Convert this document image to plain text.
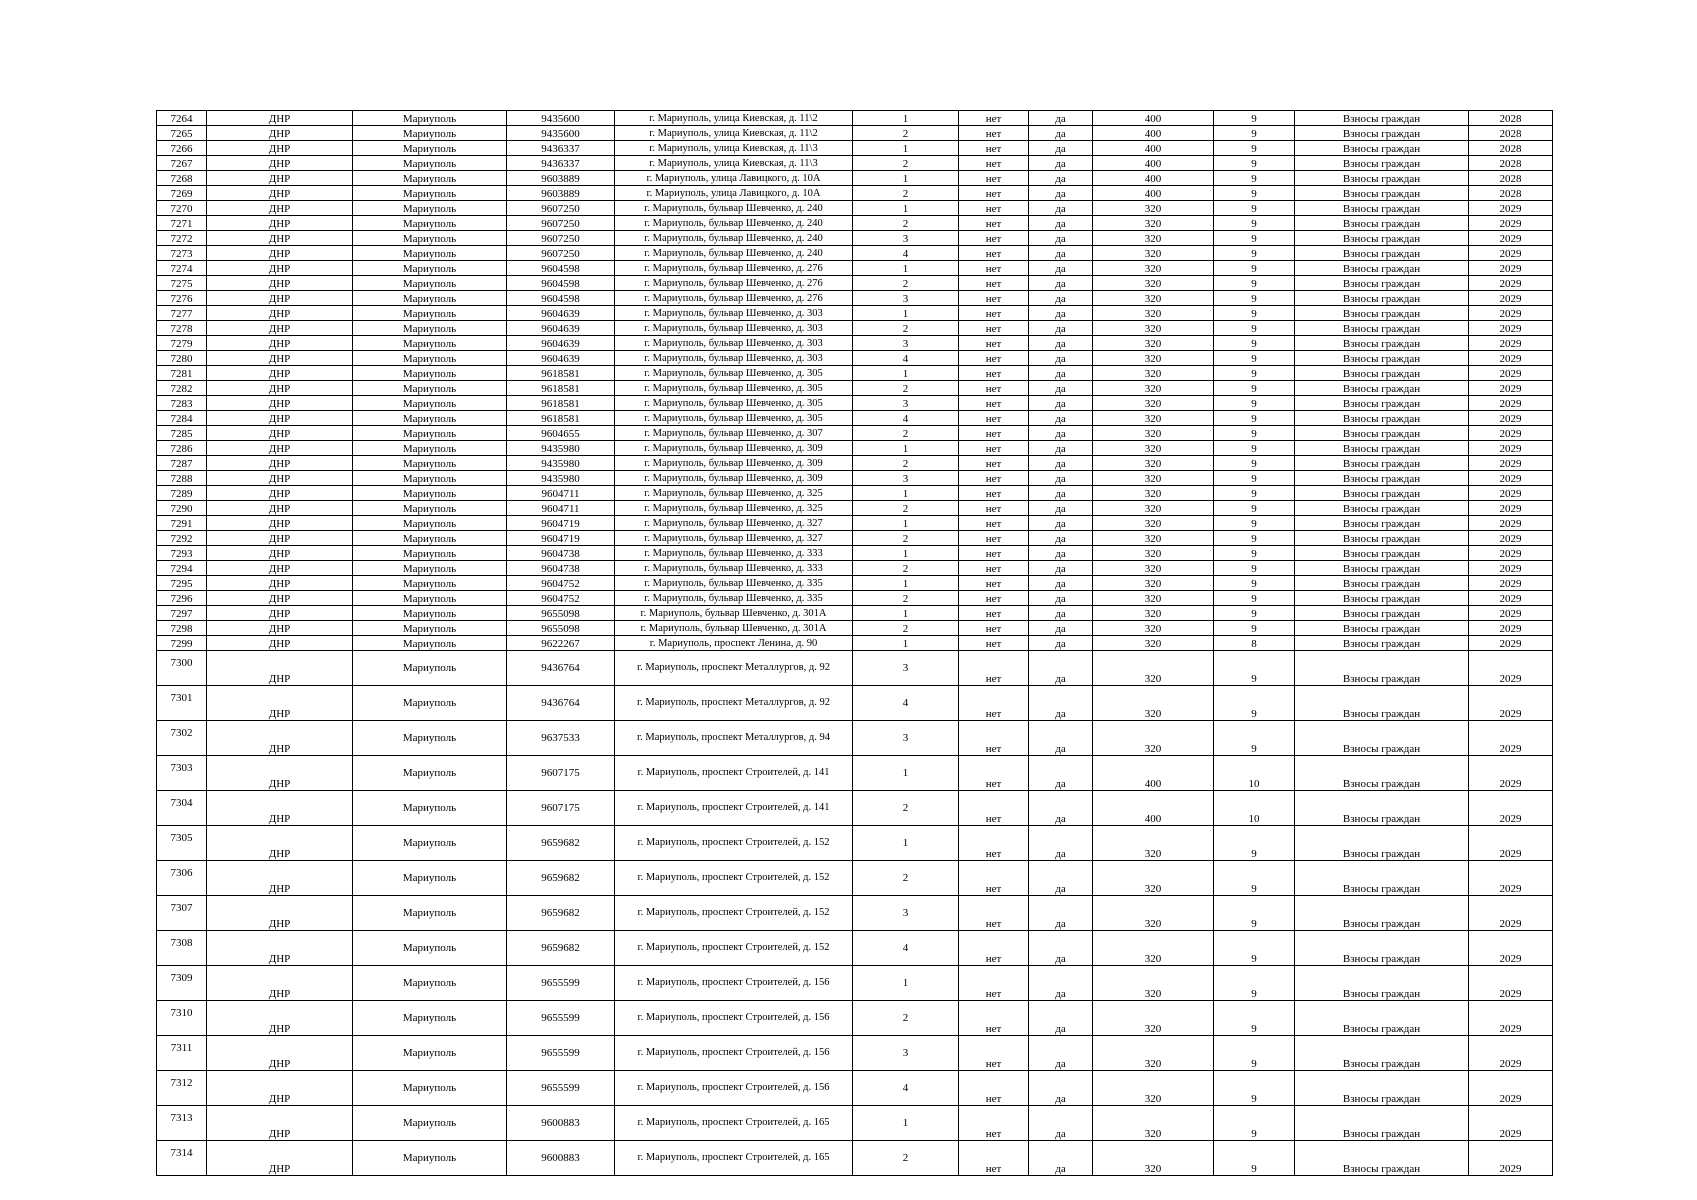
7264	ДНР	Мариуполь	9435600	г. Мариуполь, улица Киевская, д. 11\2	1	нет	да	400	9	Взносы граждан	2028
7265	ДНР	Мариуполь	9435600	г. Мариуполь, улица Киевская, д. 11\2	2	нет	да	400	9	Взносы граждан	2028
7266	ДНР	Мариуполь	9436337	г. Мариуполь, улица Киевская, д. 11\3	1	нет	да	400	9	Взносы граждан	2028
7267	ДНР	Мариуполь	9436337	г. Мариуполь, улица Киевская, д. 11\3	2	нет	да	400	9	Взносы граждан	2028
7268	ДНР	Мариуполь	9603889	г. Мариуполь, улица Лавицкого, д. 10А	1	нет	да	400	9	Взносы граждан	2028
7269	ДНР	Мариуполь	9603889	г. Мариуполь, улица Лавицкого, д. 10А	2	нет	да	400	9	Взносы граждан	2028
7270	ДНР	Мариуполь	9607250	г. Мариуполь, бульвар Шевченко, д. 240	1	нет	да	320	9	Взносы граждан	2029
7271	ДНР	Мариуполь	9607250	г. Мариуполь, бульвар Шевченко, д. 240	2	нет	да	320	9	Взносы граждан	2029
7272	ДНР	Мариуполь	9607250	г. Мариуполь, бульвар Шевченко, д. 240	3	нет	да	320	9	Взносы граждан	2029
7273	ДНР	Мариуполь	9607250	г. Мариуполь, бульвар Шевченко, д. 240	4	нет	да	320	9	Взносы граждан	2029
7274	ДНР	Мариуполь	9604598	г. Мариуполь, бульвар Шевченко, д. 276	1	нет	да	320	9	Взносы граждан	2029
7275	ДНР	Мариуполь	9604598	г. Мариуполь, бульвар Шевченко, д. 276	2	нет	да	320	9	Взносы граждан	2029
7276	ДНР	Мариуполь	9604598	г. Мариуполь, бульвар Шевченко, д. 276	3	нет	да	320	9	Взносы граждан	2029
7277	ДНР	Мариуполь	9604639	г. Мариуполь, бульвар Шевченко, д. 303	1	нет	да	320	9	Взносы граждан	2029
7278	ДНР	Мариуполь	9604639	г. Мариуполь, бульвар Шевченко, д. 303	2	нет	да	320	9	Взносы граждан	2029
7279	ДНР	Мариуполь	9604639	г. Мариуполь, бульвар Шевченко, д. 303	3	нет	да	320	9	Взносы граждан	2029
7280	ДНР	Мариуполь	9604639	г. Мариуполь, бульвар Шевченко, д. 303	4	нет	да	320	9	Взносы граждан	2029
7281	ДНР	Мариуполь	9618581	г. Мариуполь, бульвар Шевченко, д. 305	1	нет	да	320	9	Взносы граждан	2029
7282	ДНР	Мариуполь	9618581	г. Мариуполь, бульвар Шевченко, д. 305	2	нет	да	320	9	Взносы граждан	2029
7283	ДНР	Мариуполь	9618581	г. Мариуполь, бульвар Шевченко, д. 305	3	нет	да	320	9	Взносы граждан	2029
7284	ДНР	Мариуполь	9618581	г. Мариуполь, бульвар Шевченко, д. 305	4	нет	да	320	9	Взносы граждан	2029
7285	ДНР	Мариуполь	9604655	г. Мариуполь, бульвар Шевченко, д. 307	2	нет	да	320	9	Взносы граждан	2029
7286	ДНР	Мариуполь	9435980	г. Мариуполь, бульвар Шевченко, д. 309	1	нет	да	320	9	Взносы граждан	2029
7287	ДНР	Мариуполь	9435980	г. Мариуполь, бульвар Шевченко, д. 309	2	нет	да	320	9	Взносы граждан	2029
7288	ДНР	Мариуполь	9435980	г. Мариуполь, бульвар Шевченко, д. 309	3	нет	да	320	9	Взносы граждан	2029
7289	ДНР	Мариуполь	9604711	г. Мариуполь, бульвар Шевченко, д. 325	1	нет	да	320	9	Взносы граждан	2029
7290	ДНР	Мариуполь	9604711	г. Мариуполь, бульвар Шевченко, д. 325	2	нет	да	320	9	Взносы граждан	2029
7291	ДНР	Мариуполь	9604719	г. Мариуполь, бульвар Шевченко, д. 327	1	нет	да	320	9	Взносы граждан	2029
7292	ДНР	Мариуполь	9604719	г. Мариуполь, бульвар Шевченко, д. 327	2	нет	да	320	9	Взносы граждан	2029
7293	ДНР	Мариуполь	9604738	г. Мариуполь, бульвар Шевченко, д. 333	1	нет	да	320	9	Взносы граждан	2029
7294	ДНР	Мариуполь	9604738	г. Мариуполь, бульвар Шевченко, д. 333	2	нет	да	320	9	Взносы граждан	2029
7295	ДНР	Мариуполь	9604752	г. Мариуполь, бульвар Шевченко, д. 335	1	нет	да	320	9	Взносы граждан	2029
7296	ДНР	Мариуполь	9604752	г. Мариуполь, бульвар Шевченко, д. 335	2	нет	да	320	9	Взносы граждан	2029
7297	ДНР	Мариуполь	9655098	г. Мариуполь, бульвар Шевченко, д. 301А	1	нет	да	320	9	Взносы граждан	2029
7298	ДНР	Мариуполь	9655098	г. Мариуполь, бульвар Шевченко, д. 301А	2	нет	да	320	9	Взносы граждан	2029
7299	ДНР	Мариуполь	9622267	г. Мариуполь, проспект Ленина, д. 90	1	нет	да	320	8	Взносы граждан	2029
7300	ДНР	Мариуполь	9436764	г. Мариуполь, проспект Металлургов, д. 92	3	нет	да	320	9	Взносы граждан	2029
7301	ДНР	Мариуполь	9436764	г. Мариуполь, проспект Металлургов, д. 92	4	нет	да	320	9	Взносы граждан	2029
7302	ДНР	Мариуполь	9637533	г. Мариуполь, проспект Металлургов, д. 94	3	нет	да	320	9	Взносы граждан	2029
7303	ДНР	Мариуполь	9607175	г. Мариуполь, проспект Строителей, д. 141	1	нет	да	400	10	Взносы граждан	2029
7304	ДНР	Мариуполь	9607175	г. Мариуполь, проспект Строителей, д. 141	2	нет	да	400	10	Взносы граждан	2029
7305	ДНР	Мариуполь	9659682	г. Мариуполь, проспект Строителей, д. 152	1	нет	да	320	9	Взносы граждан	2029
7306	ДНР	Мариуполь	9659682	г. Мариуполь, проспект Строителей, д. 152	2	нет	да	320	9	Взносы граждан	2029
7307	ДНР	Мариуполь	9659682	г. Мариуполь, проспект Строителей, д. 152	3	нет	да	320	9	Взносы граждан	2029
7308	ДНР	Мариуполь	9659682	г. Мариуполь, проспект Строителей, д. 152	4	нет	да	320	9	Взносы граждан	2029
7309	ДНР	Мариуполь	9655599	г. Мариуполь, проспект Строителей, д. 156	1	нет	да	320	9	Взносы граждан	2029
7310	ДНР	Мариуполь	9655599	г. Мариуполь, проспект Строителей, д. 156	2	нет	да	320	9	Взносы граждан	2029
7311	ДНР	Мариуполь	9655599	г. Мариуполь, проспект Строителей, д. 156	3	нет	да	320	9	Взносы граждан	2029
7312	ДНР	Мариуполь	9655599	г. Мариуполь, проспект Строителей, д. 156	4	нет	да	320	9	Взносы граждан	2029
7313	ДНР	Мариуполь	9600883	г. Мариуполь, проспект Строителей, д. 165	1	нет	да	320	9	Взносы граждан	2029
7314	ДНР	Мариуполь	9600883	г. Мариуполь, проспект Строителей, д. 165	2	нет	да	320	9	Взносы граждан	2029
